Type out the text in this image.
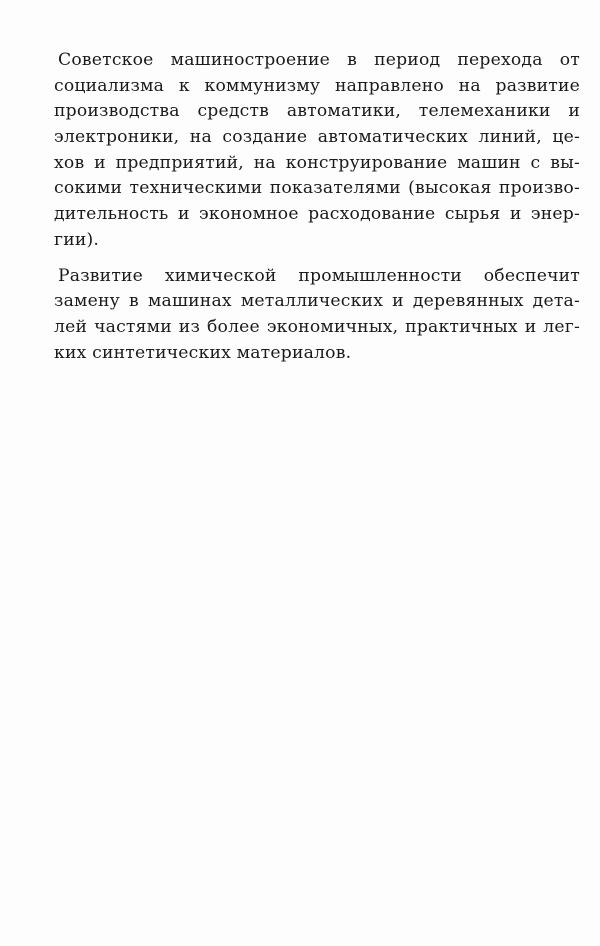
Советское машиностроение в период перехода от
социализма к коммунизму направлено на развитие
производства средств автоматики, телемеханики и
электроники, на создание автоматических линий, це-
хов и предприятий, на конструирование машин с вы-
сокими техническими показателями (высокая произво-
дительность и экономное расходование сырья и энер-
гии).
Развитие химической промышленности обеспечит
замену в машинах металлических и деревянных дета-
лей частями из более экономичных, практичных и лег-
ких синтетических материалов.
